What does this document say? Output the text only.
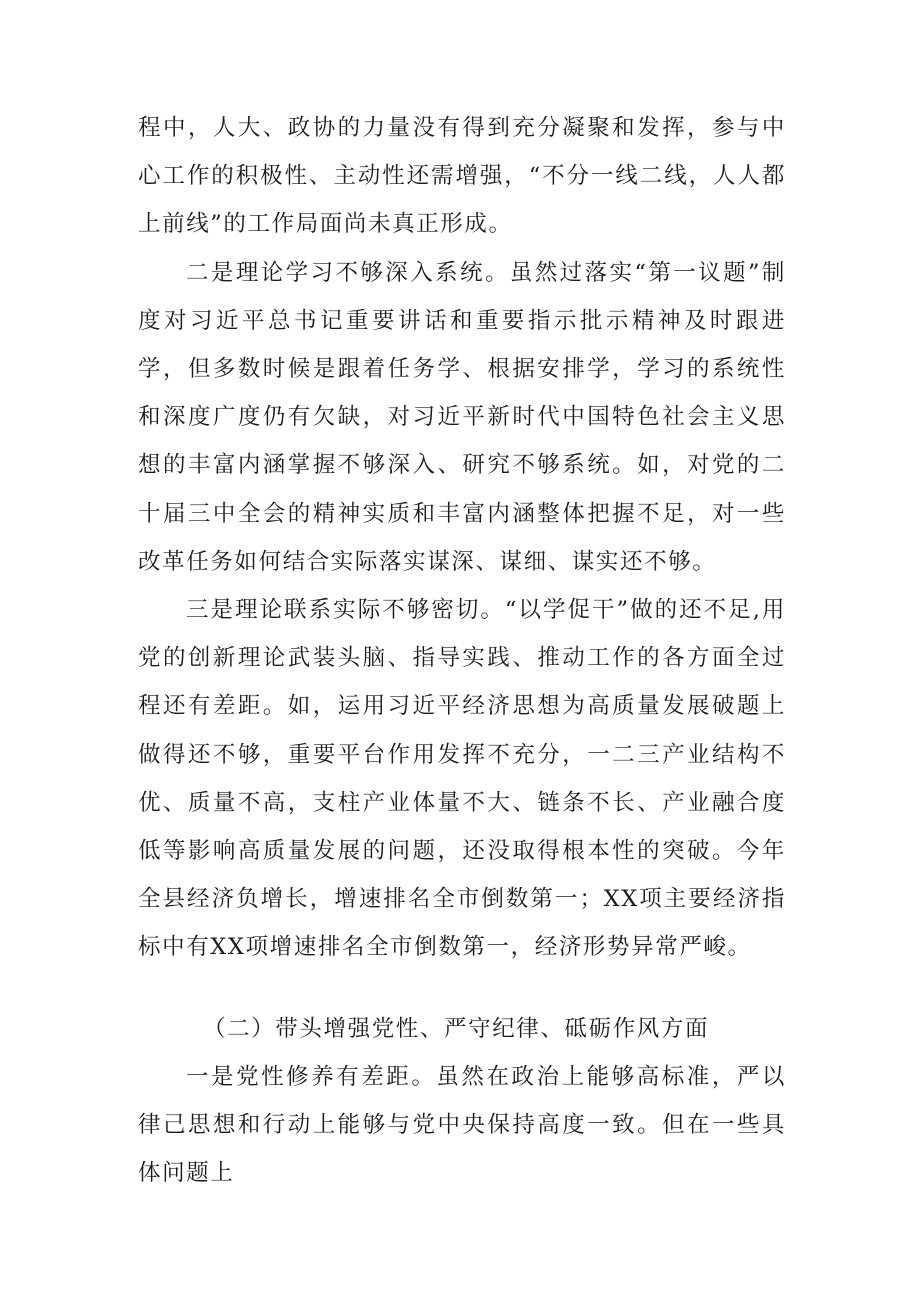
程中，人大、政协的力量没有得到充分凝聚和发挥，参与中心工作的积极性、主动性还需增强，“不分一线二线，人人都上前线”的工作局面尚未真正形成。

二是理论学习不够深入系统。虽然过落实“第一议题”制度对习近平总书记重要讲话和重要指示批示精神及时跟进学，但多数时候是跟着任务学、根据安排学，学习的系统性和深度广度仍有欠缺，对习近平新时代中国特色社会主义思想的丰富内涵掌握不够深入、研究不够系统。如，对党的二十届三中全会的精神实质和丰富内涵整体把握不足，对一些改革任务如何结合实际落实谋深、谋细、谋实还不够。

三是理论联系实际不够密切。“以学促干”做的还不足,用党的创新理论武装头脑、指导实践、推动工作的各方面全过程还有差距。如，运用习近平经济思想为高质量发展破题上做得还不够，重要平台作用发挥不充分，一二三产业结构不优、质量不高，支柱产业体量不大、链条不长、产业融合度低等影响高质量发展的问题，还没取得根本性的突破。今年全县经济负增长，增速排名全市倒数第一；XX项主要经济指标中有XX项增速排名全市倒数第一，经济形势异常严峻。

（二）带头增强党性、严守纪律、砥砺作风方面

一是党性修养有差距。虽然在政治上能够高标准，严以律己思想和行动上能够与党中央保持高度一致。但在一些具体问题上
